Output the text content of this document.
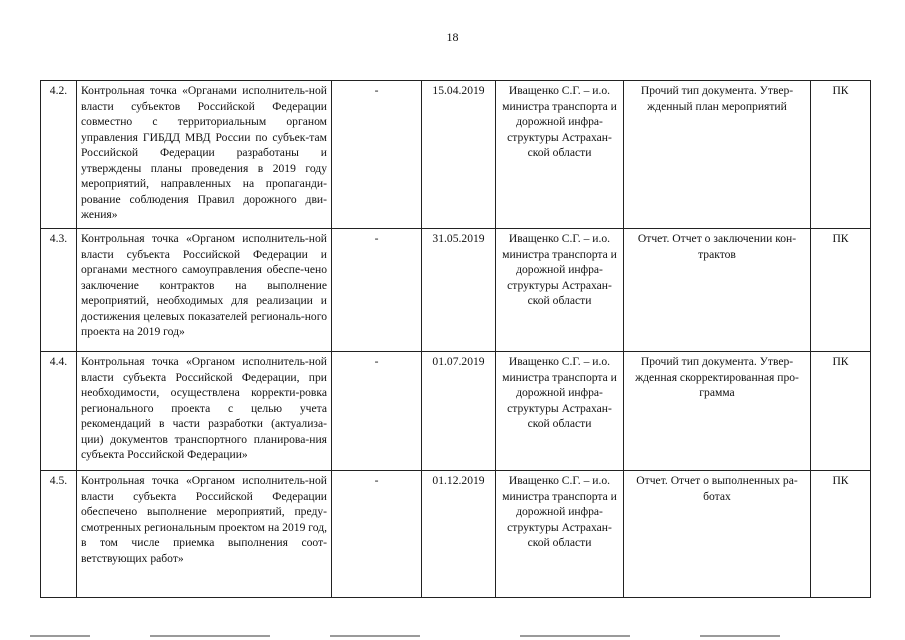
18
4.2.	Контрольная точка «Органами исполнитель-ной власти субъектов Российской Федерации совместно с территориальным органом управления ГИБДД МВД России по субъек-там Российской Федерации разработаны и утверждены планы проведения в 2019 году мероприятий, направленных на пропаганди-рование соблюдения Правил дорожного дви-жения»	-	15.04.2019	Иващенко С.Г. – и.о. министра транспорта и дорожной инфра-структуры Астрахан-ской области	Прочий тип документа. Утвер-жденный план мероприятий	ПК
4.3.	Контрольная точка «Органом исполнитель-ной власти субъекта Российской Федерации и органами местного самоуправления обеспе-чено заключение контрактов на выполнение мероприятий, необходимых для реализации и достижения целевых показателей региональ-ного проекта на 2019 год»	-	31.05.2019	Иващенко С.Г. – и.о. министра транспорта и дорожной инфра-структуры Астрахан-ской области	Отчет. Отчет о заключении кон-трактов	ПК
4.4.	Контрольная точка «Органом исполнитель-ной власти субъекта Российской Федерации, при необходимости, осуществлена корректи-ровка регионального проекта с целью учета рекомендаций в части разработки (актуализа-ции) документов транспортного планирова-ния субъекта Российской Федерации»	-	01.07.2019	Иващенко С.Г. – и.о. министра транспорта и дорожной инфра-структуры Астрахан-ской области	Прочий тип документа. Утвер-жденная скорректированная про-грамма	ПК
4.5.	Контрольная точка «Органом исполнитель-ной власти субъекта Российской Федерации обеспечено выполнение мероприятий, преду-смотренных региональным проектом на 2019 год, в том числе приемка выполнения соот-ветствующих работ»	-	01.12.2019	Иващенко С.Г. – и.о. министра транспорта и дорожной инфра-структуры Астрахан-ской области	Отчет. Отчет о выполненных ра-ботах	ПК
